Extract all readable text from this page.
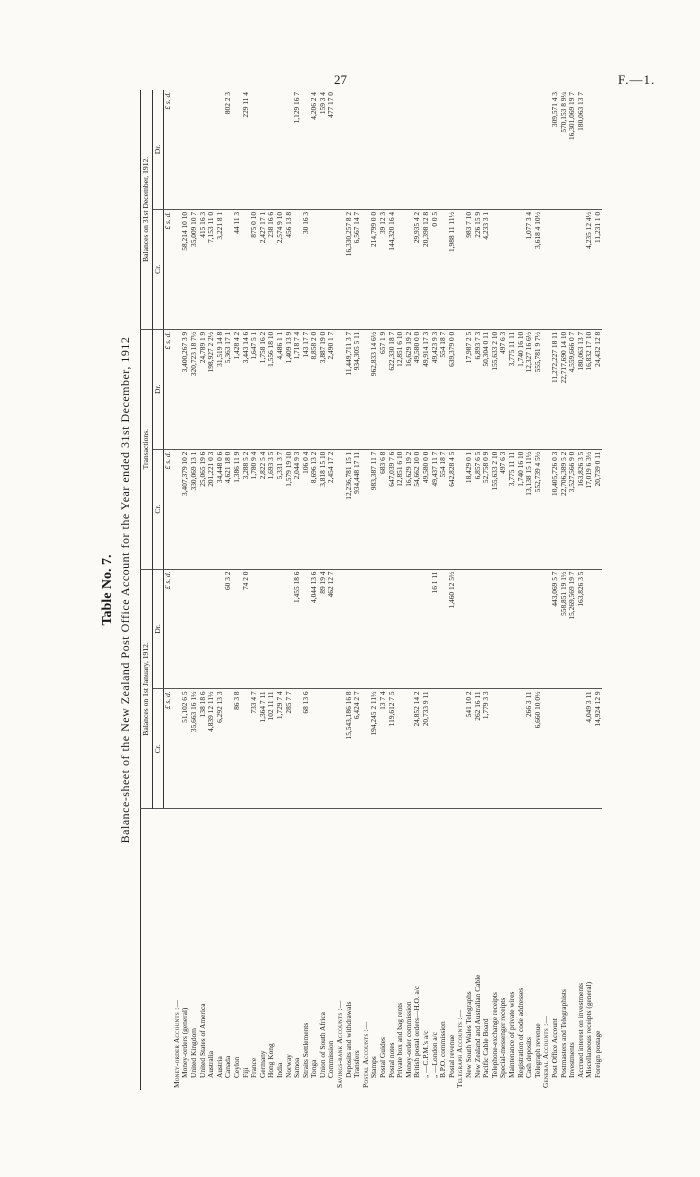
27	F.—1.
Table No. 7. Balance-sheet of the New Zealand Post Office Account for the Year ended 31st December, 1912
	Balances on 1st January, 1912.		Transactions.		Balances on 31st December, 1912.	
	Cr.	Dr.	Cr.	Dr.	Cr.	Dr.
	£ s. d.	£ s. d.	£ s. d.	£ s. d.	£ s. d.	£ s. d.
Money-order Accounts :—						
Money-orders (general)	51,102 6 5		3,407,379 10 2	3,400,267 3 9	58,214 10 10	
United Kingdom	35,663 16 1½		330,069 13 1	320,723 18 7½	35,009 10 7	
United States of America	138 18 6		25,065 19 6	24,789 1 9	415 16 3	
Australia	4,839 12 11½		201,221 0 3	198,927 2 2½	7,153 11 0	
Austria	6,292 13 3		34,448 0 6	31,519 14 8	3,221 8 1	
Canada		60 3 2	4,621 18 0	5,363 17 1		802 2 3
Ceylon	86 3 8		1,386 11 9	1,428 4 2	44 11 3	
Fiji		74 2 0	3,288 5 2	3,443 14 6		229 11 4
France	733 4 7		1,780 9 4	1,647 5 1	875 0 10	
Germany	1,364 7 11		2,822 5 4	1,758 16 2	2,427 17 1	
Hong Kong	102 11 11		1,693 3 5	1,556 18 10	238 16 6	
India	1,729 7 4		5,331 3 7	4,486 1 1	2,574 9 10	
Norway	285 7 7		1,579 19 10	1,409 13 9	456 13 8	
Samoa		1,455 18 6	2,044 9 3	1,718 7 4		1,129 16 7
Straits Settlements	68 13 6		106 0 4	143 17 7	30 16 3	
Tonga		4,044 13 6	8,696 13 2	8,858 2 0		4,206 2 4
Union of South Africa		89 19 4	3,818 15 10	3,887 19 0		159 3 4
Commission		462 12 7	2,454 17 2	2,490 1 7		477 17 0
Savings-bank Accounts :—						
Deposits and withdrawals	15,543,186 16 8		12,236,781 15 1	11,449,711 3 7	16,330,257 8 2	
Transfers	6,424 2 7		934,448 17 11	934,305 5 11	6,567 14 7	
Postal Accounts :—						
Stamps	194,245 2 11½		983,387 11 7	962,833 14 6½	214,799 0 0	
Postal Guides	13 7 4		683 6 8	657 1 9	39 12 3	
Postal notes	119,612 7 5		647,039 7 6	622,330 18 7	144,320 16 4	
Private box and bag rents			12,851 6 10	12,851 6 10		
Money-order commission			16,629 19 2	16,629 19 2		
British postal orders—H.O. a/c	24,852 14 2		54,662 10 0	49,580 0 0	29,935 4 2	
„ —C.P.M.'s a/c	20,733 9 11		49,580 0 0	49,914 17 3	20,398 12 8	
„ —London a/c		16 1 11	49,437 11 7	49,423 9 3	0 0 5	
B.P.O. commission			554 18 7	554 18 7		
Postal revenue		1,460 12 5½	642,828 4 5	639,379 0 0	1,988 11 11½	
Telegraph Accounts :—						
New South Wales Telegraphs	541 10 2		18,429 0 1	17,987 2 5	983 7 10	
New Zealand and Australian Cable	262 16 11		6,857 6 5	6,893 7 3	226 15 9	
Pacific Cable Board	1,779 3 3		52,758 0 9	50,304 0 11	4,233 3 1	
Telephone-exchange receipts			155,633 2 10	155,633 2 10		
Special-messenger receipts			497 6 3	497 6 3		
Maintenance of private wires			3,775 11 11	3,775 11 11		
Registration of code addresses			1,740 16 10	1,740 16 10		
Cash deposits	266 3 11		13,138 15 11½	12,327 16 6½	1,077 3 4	
Telegraph revenue	6,660 10 0½		552,739 4 5½	555,781 9 7½	3,618 4 10½	
General Accounts :—						
Post Office Account		443,069 5 7	10,405,726 0 3	11,272,227 18 11		309,571 4 3
Postmasters and Telegraphists		558,851 19 1½	22,706,389 5 2	22,717,690 14 10		570,153 8 9¼
Investments		15,269,569 19 7	3,527,566 9 0	4,559,666 0 7		16,301,069 19 7
Accrued interest on investments		163,826 3 5	163,826 3 5	180,063 13 7		180,063 13 7
Miscellaneous receipts (general)	4,049 3 11		17,019 6 3½	16,832 17 10	4,235 12 4½	
Foreign postage	14,924 12 9		20,739 0 11	24,432 12 8	11,231 1 0	
